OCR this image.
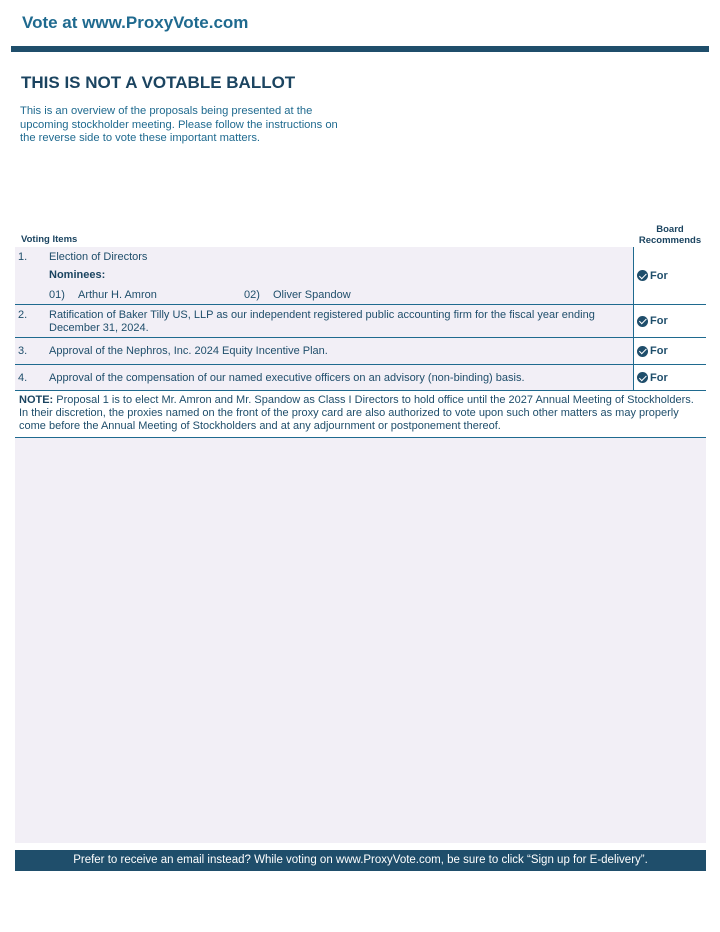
Vote at www.ProxyVote.com
THIS IS NOT A VOTABLE BALLOT
This is an overview of the proposals being presented at the upcoming stockholder meeting. Please follow the instructions on the reverse side to vote these important matters.
Voting Items
Board
Recommends
1. Election of Directors
Nominees:
01) Arthur H. Amron	02) Oliver Spandow
For
2. Ratification of Baker Tilly US, LLP as our independent registered public accounting firm for the fiscal year ending December 31, 2024.
For
3. Approval of the Nephros, Inc. 2024 Equity Incentive Plan.	For
4. Approval of the compensation of our named executive officers on an advisory (non-binding) basis.	For
NOTE: Proposal 1 is to elect Mr. Amron and Mr. Spandow as Class I Directors to hold office until the 2027 Annual Meeting of Stockholders. In their discretion, the proxies named on the front of the proxy card are also authorized to vote upon such other matters as may properly come before the Annual Meeting of Stockholders and at any adjournment or postponement thereof.
Prefer to receive an email instead? While voting on www.ProxyVote.com, be sure to click “Sign up for E-delivery”.
